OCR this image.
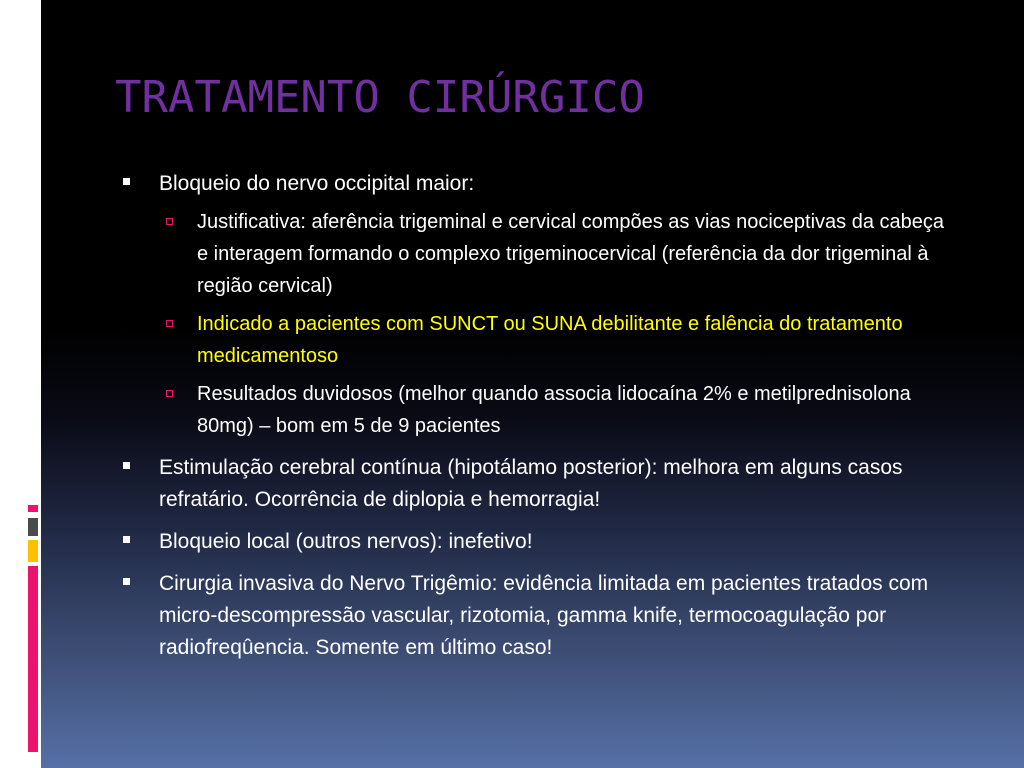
TRATAMENTO CIRÚRGICO
Bloqueio do nervo occipital maior:
Justificativa: aferência trigeminal e cervical compões as vias nociceptivas da cabeça e interagem formando o complexo trigeminocervical (referência da dor trigeminal à região cervical)
Indicado a pacientes com SUNCT ou SUNA debilitante e falência do tratamento medicamentoso
Resultados duvidosos (melhor quando associa lidocaína 2% e metilprednisolona 80mg) – bom em 5 de 9 pacientes
Estimulação cerebral contínua (hipotálamo posterior): melhora em alguns casos refratário. Ocorrência de diplopia e hemorragia!
Bloqueio local (outros nervos): inefetivo!
Cirurgia invasiva do Nervo Trigêmio: evidência limitada em pacientes tratados com micro-descompressão vascular, rizotomia, gamma knife, termocoagulação por radiofreqûencia. Somente em último caso!
